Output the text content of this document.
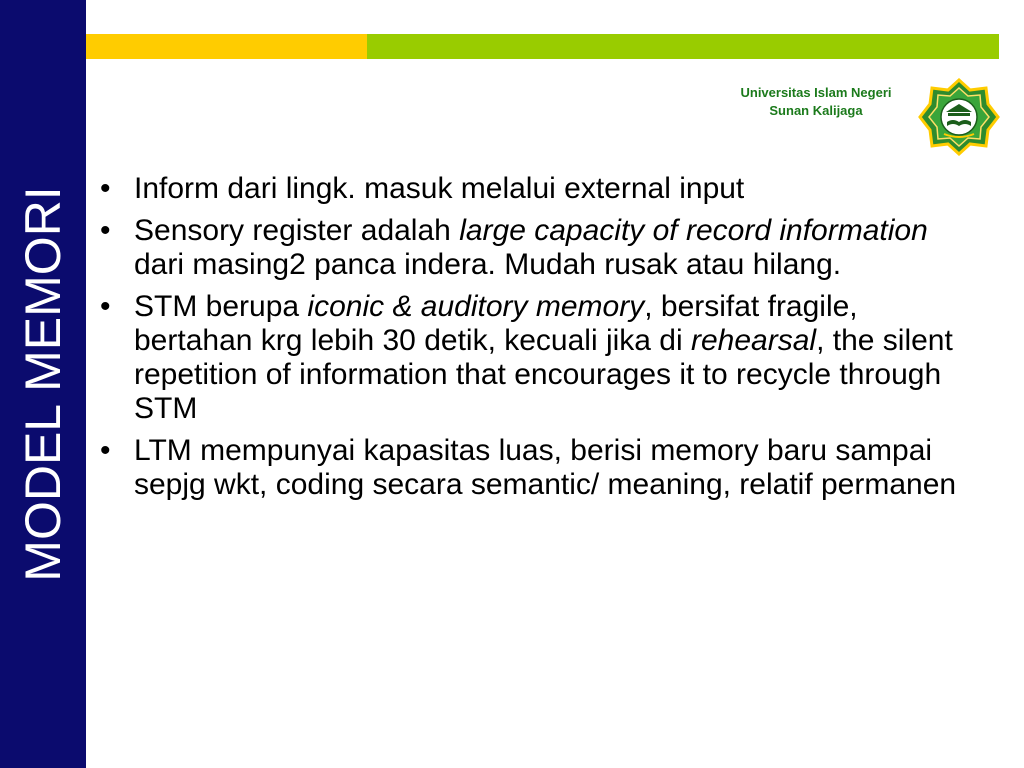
MODEL MEMORI
Universitas Islam Negeri
Sunan Kalijaga
• Inform dari lingk. masuk melalui external input
• Sensory register adalah large capacity of record information dari masing2 panca indera. Mudah rusak atau hilang.
• STM berupa iconic & auditory memory, bersifat fragile, bertahan krg lebih 30 detik, kecuali jika di rehearsal, the silent repetition of information that encourages it to recycle through STM
• LTM mempunyai kapasitas luas, berisi memory baru sampai sepjg wkt, coding secara semantic/ meaning, relatif permanen
